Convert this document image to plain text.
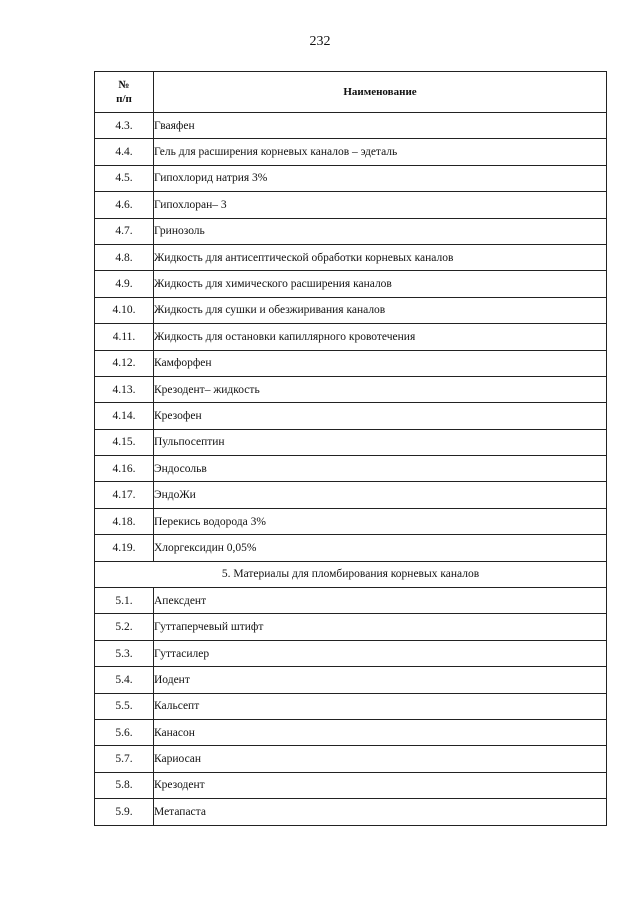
232
№
п/п	Наименование
4.3.	Гваяфен
4.4.	Гель для расширения корневых каналов – эдеталь
4.5.	Гипохлорид натрия 3%
4.6.	Гипохлоран– 3
4.7.	Гринозоль
4.8.	Жидкость для антисептической обработки корневых каналов
4.9.	Жидкость для химического расширения каналов
4.10.	Жидкость для сушки и обезжиривания каналов
4.11.	Жидкость для остановки капиллярного кровотечения
4.12.	Камфорфен
4.13.	Крезодент– жидкость
4.14.	Крезофен
4.15.	Пульпосептин
4.16.	Эндосольв
4.17.	ЭндоЖи
4.18.	Перекись водорода 3%
4.19.	Хлоргексидин 0,05%
5. Материалы для пломбирования корневых каналов	
5.1.	Апексдент
5.2.	Гуттаперчевый штифт
5.3.	Гуттасилер
5.4.	Иодент
5.5.	Кальсепт
5.6.	Канасон
5.7.	Кариосан
5.8.	Крезодент
5.9.	Метапаста
